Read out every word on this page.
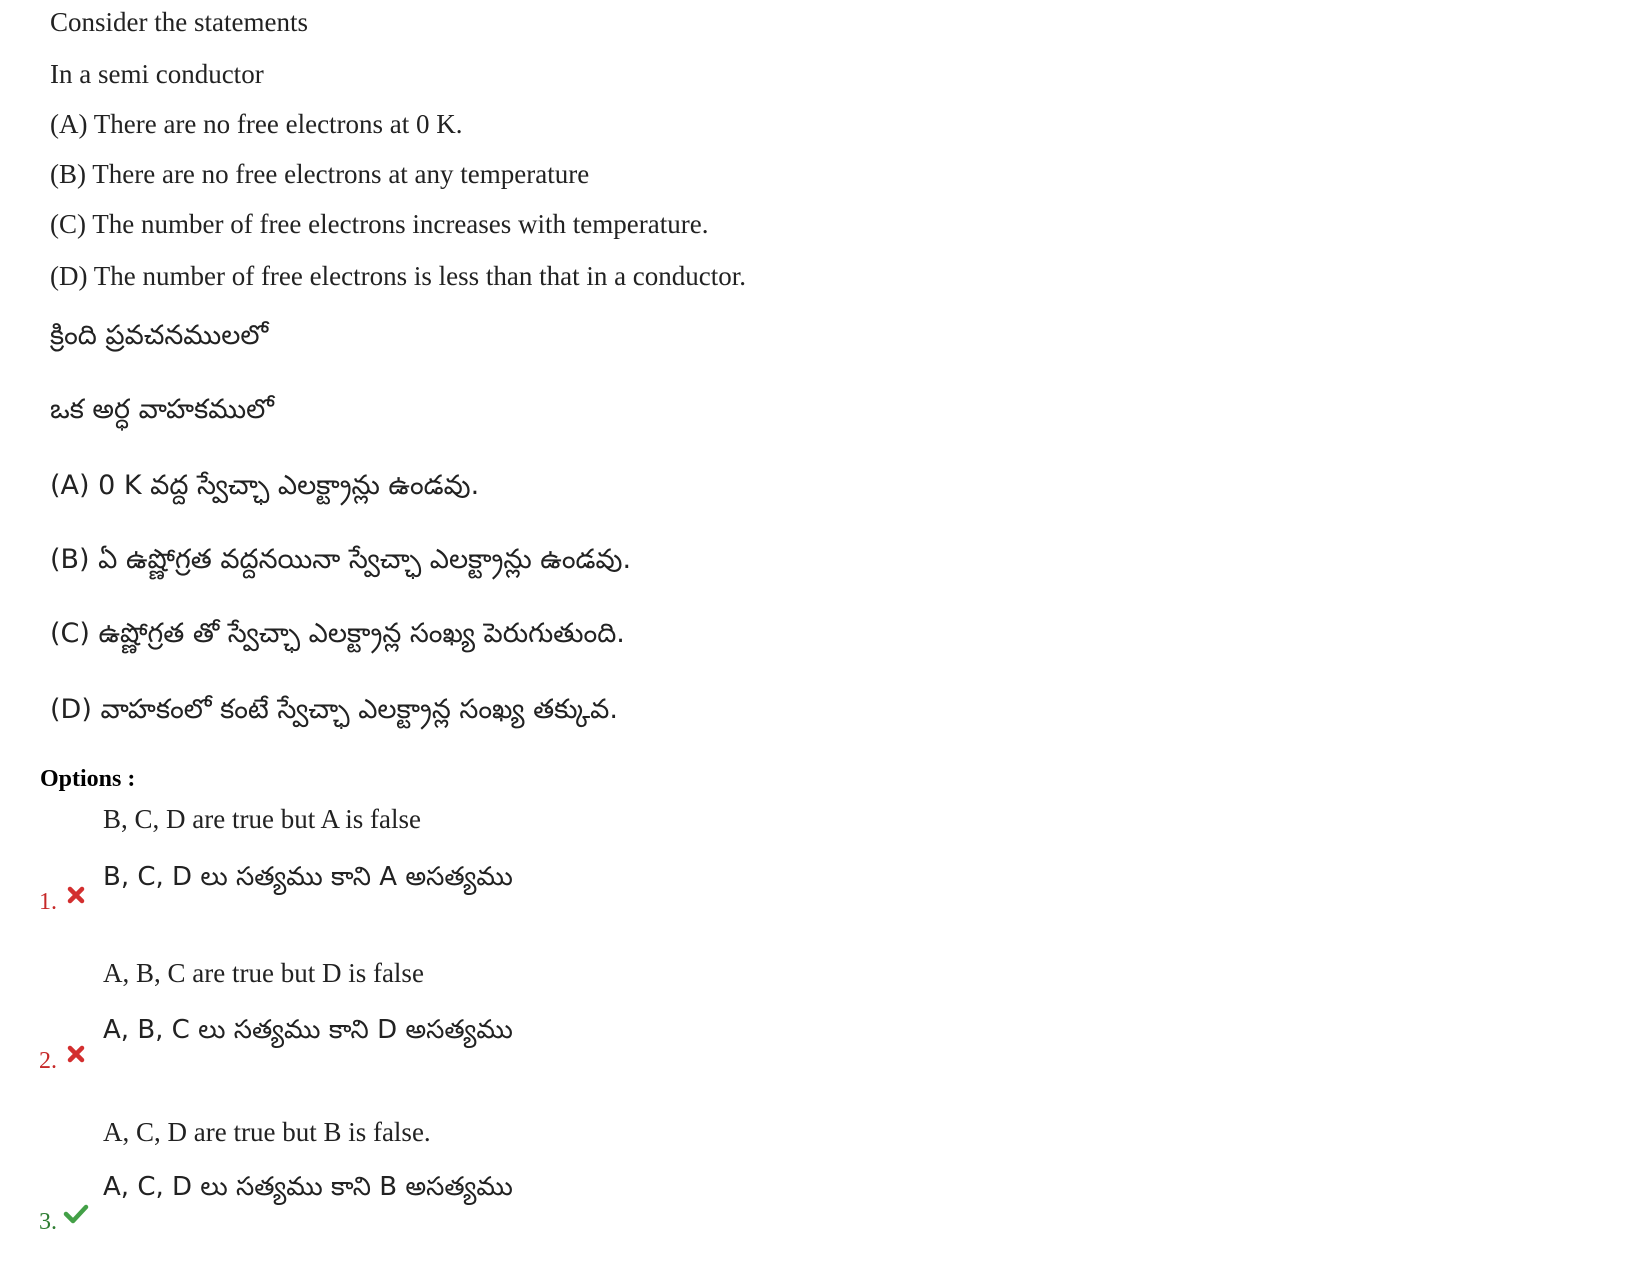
Consider the statements
In a semi conductor
(A) There are no free electrons at 0 K.
(B) There are no free electrons at any temperature
(C) The number of free electrons increases with temperature.
(D) The number of free electrons is less than that in a conductor.
క్రింది ప్రవచనములలో
ఒక అర్ధ వాహకములో
(A) 0 K వద్ద స్వేచ్ఛా ఎలక్ట్రాన్లు ఉండవు.
(B) ఏ ఉష్ణోగ్రత వద్దనయినా స్వేచ్ఛా ఎలక్ట్రాన్లు ఉండవు.
(C) ఉష్ణోగ్రత తో స్వేచ్ఛా ఎలక్ట్రాన్ల సంఖ్య పెరుగుతుంది.
(D) వాహకంలో కంటే స్వేచ్ఛా ఎలక్ట్రాన్ల సంఖ్య తక్కువ.
Options :
B, C, D are true but A is false
B, C, D లు సత్యము కాని A అసత్యము
1.
A, B, C are true but D is false
A, B, C లు సత్యము కాని D అసత్యము
2.
A, C, D are true but B is false.
A, C, D లు సత్యము కాని B అసత్యము
3.
